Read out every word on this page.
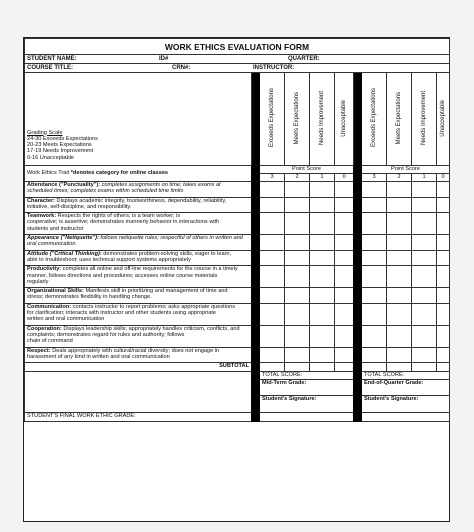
WORK ETHICS EVALUATION FORM										

STUDENT NAME: ID# QUARTER:										

COURSE TITLE: CRN#: INSTRUCTOR:										

Grading Scale
24-30 Exceeds Expectations
20-23 Meets Expectations
17-19 Needs Improvement
0-16 Unacceptable		Exceeds Expectations	Meets Expectations	Needs Improvement	Unacceptable		Exceeds Expectations	Meets Expectations	Needs Improvement	Unacceptable
Work Ethics Trait *denotes category for online classes		Point Score					Point Score			
		3	2	1	0		3	2	1	0

Attendance ("Punctuality"): completes assignments on time; takes exams at
scheduled times; completes exams within scheduled time limits										

Character: Displays academic integrity, trustworthiness, dependability, reliability,
initiative, self-discipline, and responsibility.										

Teamwork: Respects the rights of others; is a team worker; is
cooperative; is assertive; demonstrates mannerly behavior in interactions with
students and instructor										

Appearance ("Netiquette"): follows netiquette rules; respectful of others in written and
oral communication.										

Attitude ("Critical Thinking): demonstrates problem-solving skills, eager to learn,
able to troubleshoot; uses technical support systems appropriately										

Productivity: completes all online and off-line requirements for the course in a timely
manner, follows directions and procedures; accesses online course materials
regularly										

Organizational Skills: Manifests skill in prioritizing and management of time and
stress; demonstrates flexibility in handling change.										

Communication: contacts instructor to report problems; asks appropriate questions
for clarification; interacts with instructor and other students using appropriate
written and oral communication										

Cooperation: Displays leadership skills; appropriately handles criticism, conflicts, and
complaints; demonstrates regard for rules and authority; follows
chain of command										

Respect: Deals appropriately with cultural/racial diversity; does not engage in
harassment of any kind in written and oral communication										

SUBTOTAL										
		TOTAL SCORE:					TOTAL SCORE:			
		Mid-Term Grade:					End-of-Quarter Grade:			
		Student's Signature:					Student's Signature:			
STUDENT'S FINAL WORK ETHIC GRADE:										
